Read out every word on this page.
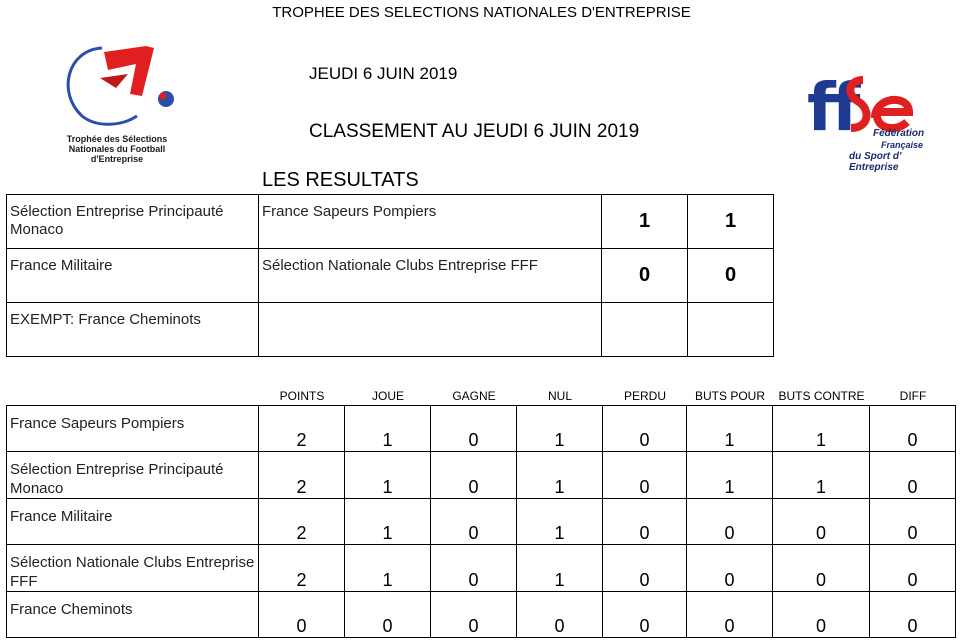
TROPHEE DES SELECTIONS NATIONALES D'ENTREPRISE
JEUDI 6 JUIN 2019
CLASSEMENT AU JEUDI 6 JUIN 2019
LES RESULTATS
Trophée des Sélections
Nationales du Football
d'Entreprise
ff Fédération
Française
du Sport d' Entreprise
Sélection Entreprise Principauté Monaco	France Sapeurs Pompiers	1	1
France Militaire	Sélection Nationale Clubs Entreprise FFF	0	0
EXEMPT: France Cheminots			
POINTS	JOUE	GAGNE	NUL	PERDU	BUTS POUR	BUTS CONTRE	DIFF
France Sapeurs Pompiers	2	1	0	1	0	1	1	0
Sélection Entreprise Principauté Monaco	2	1	0	1	0	1	1	0
France Militaire	2	1	0	1	0	0	0	0
Sélection Nationale Clubs Entreprise FFF	2	1	0	1	0	0	0	0
France Cheminots	0	0	0	0	0	0	0	0
